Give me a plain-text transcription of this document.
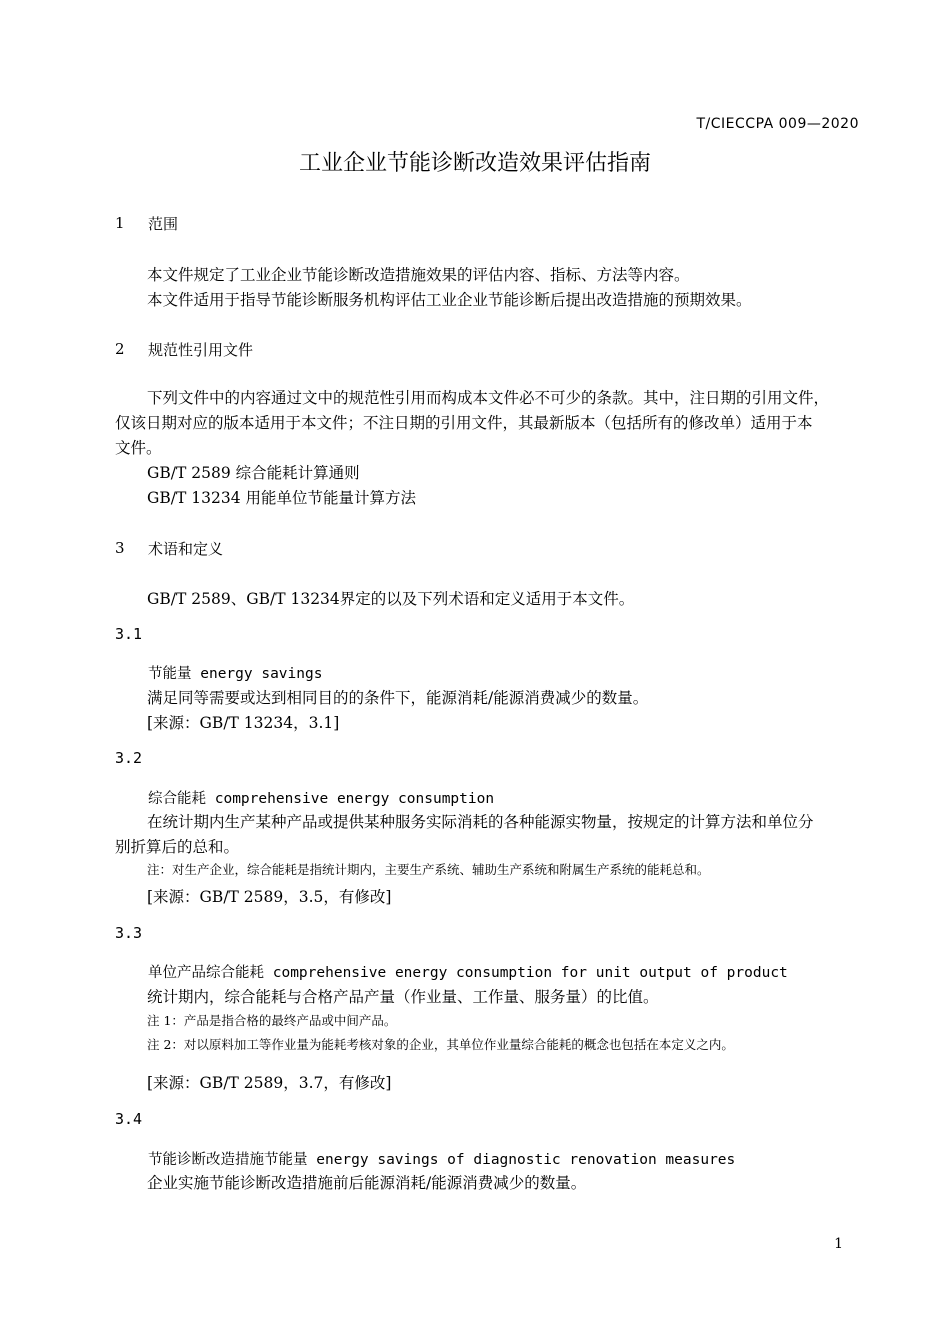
T/CIECCPA 009—2020
工业企业节能诊断改造效果评估指南
1 范围
本文件规定了工业企业节能诊断改造措施效果的评估内容、指标、方法等内容。
本文件适用于指导节能诊断服务机构评估工业企业节能诊断后提出改造措施的预期效果。
2 规范性引用文件
下列文件中的内容通过文中的规范性引用而构成本文件必不可少的条款。其中，注日期的引用文件，
仅该日期对应的版本适用于本文件；不注日期的引用文件，其最新版本（包括所有的修改单）适用于本
文件。
GB/T 2589 综合能耗计算通则
GB/T 13234 用能单位节能量计算方法
3 术语和定义
GB/T 2589、GB/T 13234界定的以及下列术语和定义适用于本文件。
3.1
节能量 energy savings
满足同等需要或达到相同目的的条件下，能源消耗/能源消费减少的数量。
[来源：GB/T 13234，3.1]
3.2
综合能耗 comprehensive energy consumption
在统计期内生产某种产品或提供某种服务实际消耗的各种能源实物量，按规定的计算方法和单位分
别折算后的总和。
注：对生产企业，综合能耗是指统计期内，主要生产系统、辅助生产系统和附属生产系统的能耗总和。
[来源：GB/T 2589，3.5，有修改]
3.3
单位产品综合能耗 comprehensive energy consumption for unit output of product
统计期内，综合能耗与合格产品产量（作业量、工作量、服务量）的比值。
注 1：产品是指合格的最终产品或中间产品。
注 2：对以原料加工等作业量为能耗考核对象的企业，其单位作业量综合能耗的概念也包括在本定义之内。
[来源：GB/T 2589，3.7，有修改]
3.4
节能诊断改造措施节能量 energy savings of diagnostic renovation measures
企业实施节能诊断改造措施前后能源消耗/能源消费减少的数量。
1
